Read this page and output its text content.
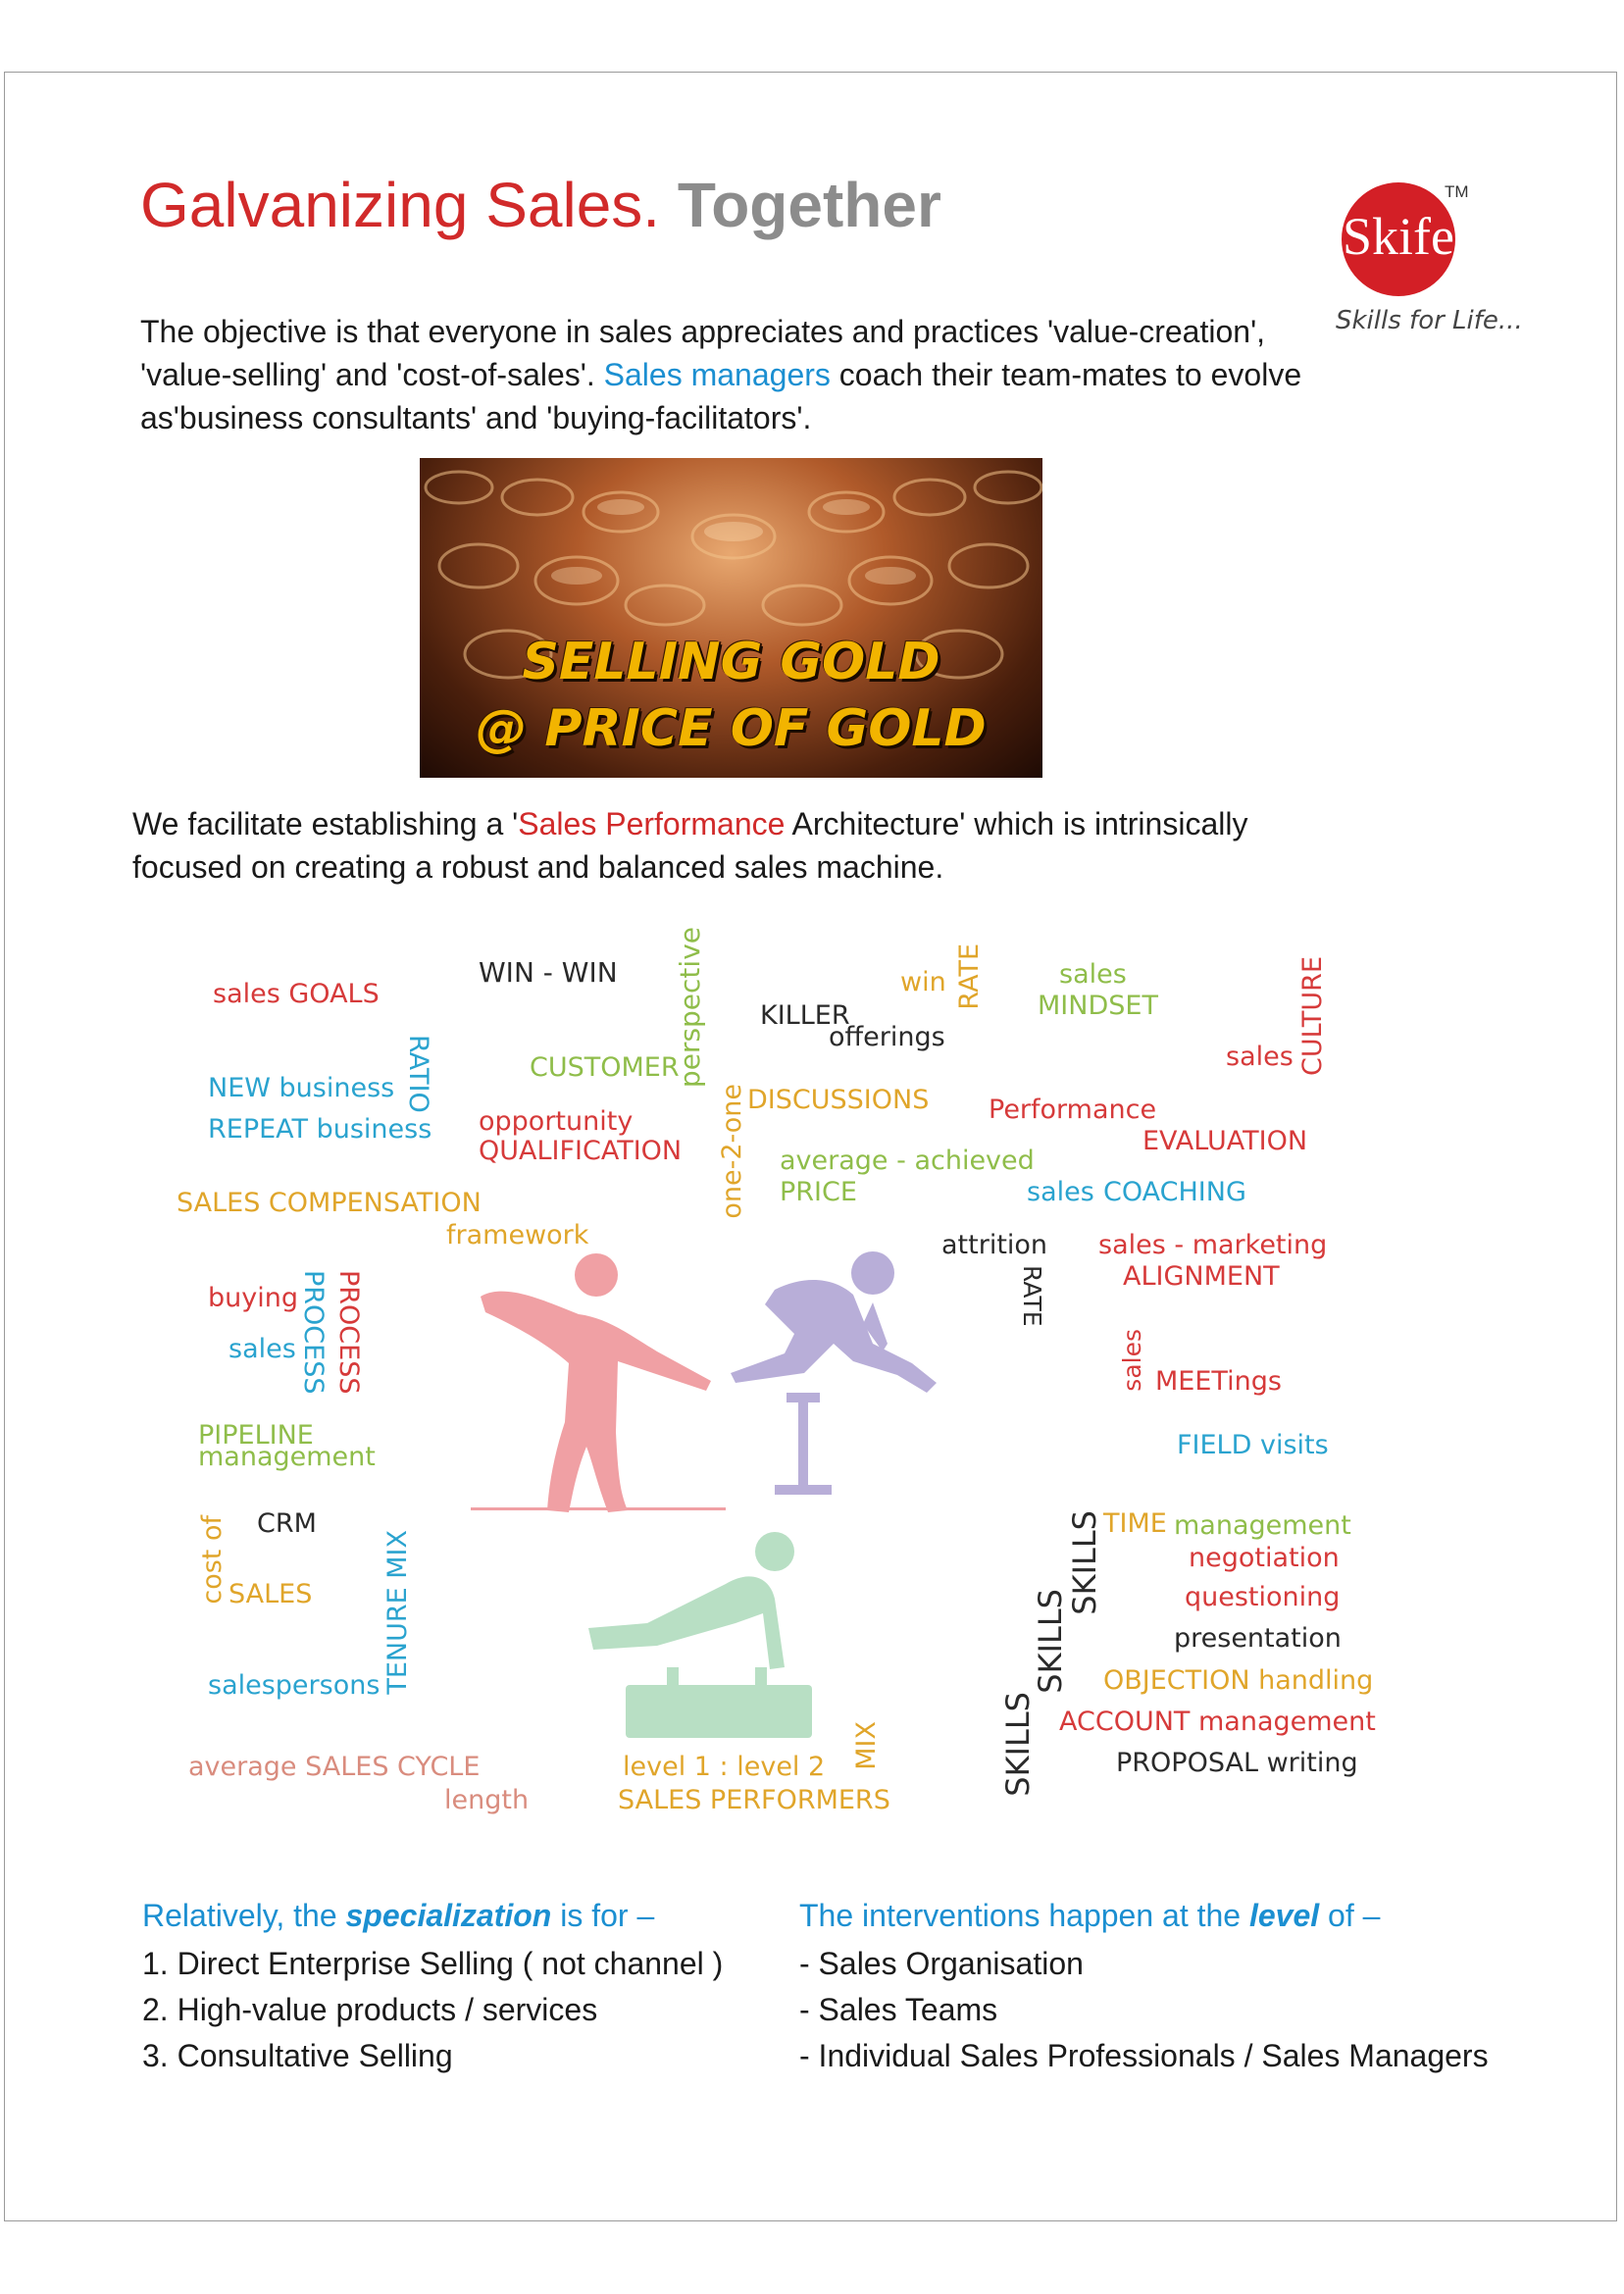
Galvanizing Sales. Together	Skife
TM
Skills for Life...
The objective is that everyone in sales appreciates and practices 'value-creation',
'value-selling' and 'cost-of-sales'. Sales managers coach their team-mates to evolve
as'business consultants' and 'buying-facilitators'.
SELLING GOLD
@ PRICE OF GOLD
We facilitate establishing a 'Sales Performance Architecture' which is intrinsically
focused on creating a robust and balanced sales machine.
sales GOALS
WIN - WIN perspective	win RATE	sales
MINDSET	CULTURE
sales
KILLER
offerings
RATIO	CUSTOMER
NEW business
REPEAT business	one-2-one DISCUSSIONS Performance
EVALUATION
opportunity
QUALIFICATION	average - achieved
PRICE	sales COACHING
SALES COMPENSATION
framework	attrition
RATE
sales - marketing
ALIGNMENT
buying PROCESS
PROCESS
sales	sales MEETings
PIPELINE
management	FIELD visits
CRM
cost of SALES	TENURE MIX
SKILLS
SKILLS
SKILLS TIME management
negotiation
questioning
presentation
OBJECTION handling
ACCOUNT management
PROPOSAL writing
salespersons
average SALES CYCLE
length
level 1 : level 2
SALES PERFORMERS
MIX
Relatively, the specialization is for –
1. Direct Enterprise Selling ( not channel )
2. High-value products / services
3. Consultative Selling
The interventions happen at the level of –
- Sales Organisation
- Sales Teams
- Individual Sales Professionals / Sales Managers
